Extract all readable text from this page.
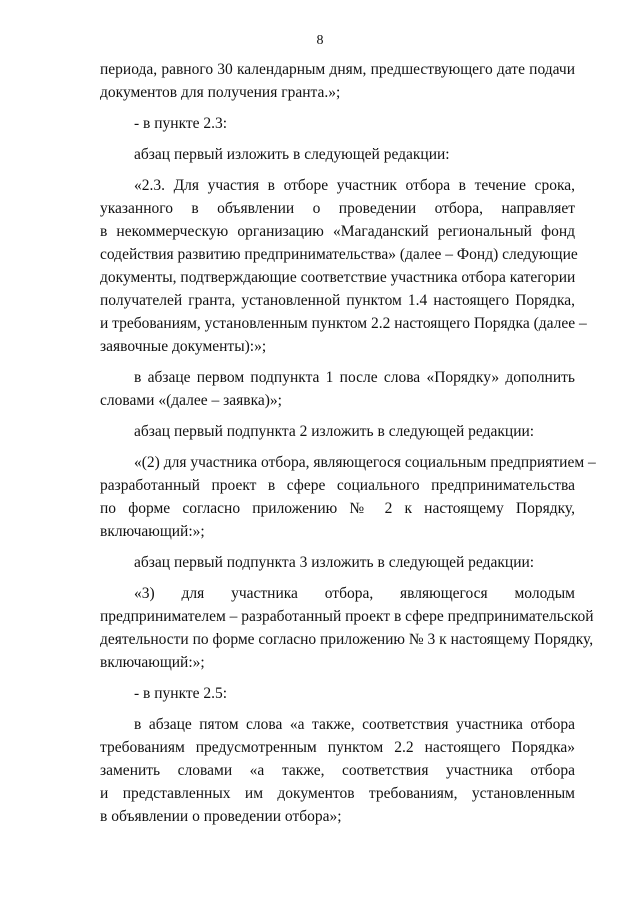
8
периода, равного 30 календарным дням, предшествующего дате подачи
документов для получения гранта.»;
- в пункте 2.3:
абзац первый изложить в следующей редакции:
«2.3. Для участия в отборе участник отбора в течение срока,
указанного в объявлении о проведении отбора, направляет
в некоммерческую организацию «Магаданский региональный фонд
содействия развитию предпринимательства» (далее – Фонд) следующие
документы, подтверждающие соответствие участника отбора категории
получателей гранта, установленной пунктом 1.4 настоящего Порядка,
и требованиям, установленным пунктом 2.2 настоящего Порядка (далее –
заявочные документы):»;
в абзаце первом подпункта 1 после слова «Порядку» дополнить
словами «(далее – заявка)»;
абзац первый подпункта 2 изложить в следующей редакции:
«(2) для участника отбора, являющегося социальным предприятием –
разработанный проект в сфере социального предпринимательства
по форме согласно приложению № 2 к настоящему Порядку,
включающий:»;
абзац первый подпункта 3 изложить в следующей редакции:
«3) для участника отбора, являющегося молодым
предпринимателем – разработанный проект в сфере предпринимательской
деятельности по форме согласно приложению № 3 к настоящему Порядку,
включающий:»;
- в пункте 2.5:
в абзаце пятом слова «а также, соответствия участника отбора
требованиям предусмотренным пунктом 2.2 настоящего Порядка»
заменить словами «а также, соответствия участника отбора
и представленных им документов требованиям, установленным
в объявлении о проведении отбора»;
